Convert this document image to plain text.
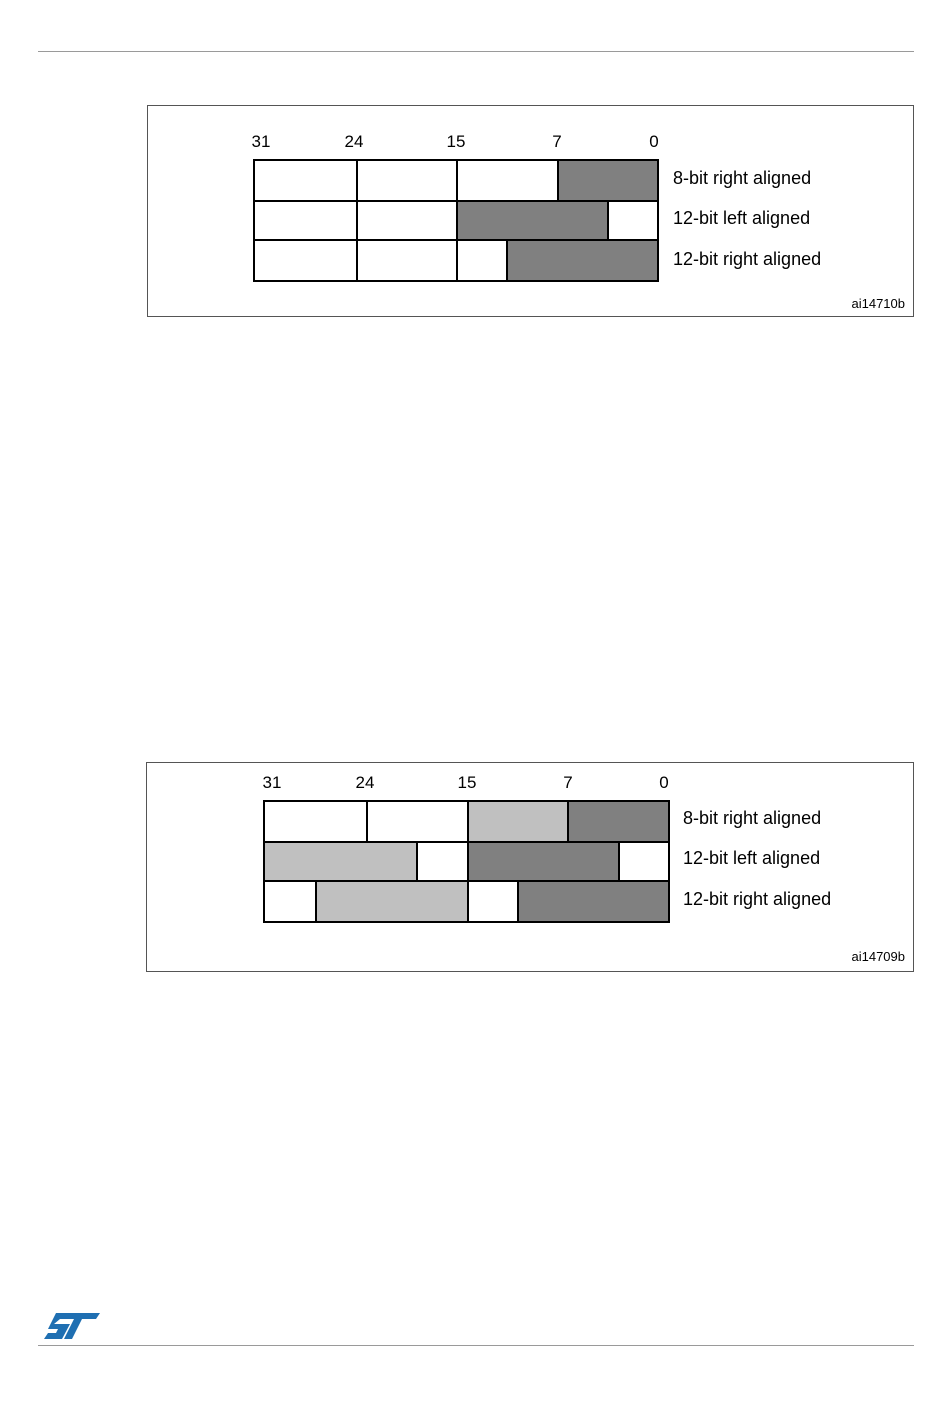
31	24	15	7	0
8-bit right aligned
12-bit left aligned
12-bit right aligned
ai14710b
31	24	15	7	0
8-bit right aligned
12-bit left aligned
12-bit right aligned
ai14709b
